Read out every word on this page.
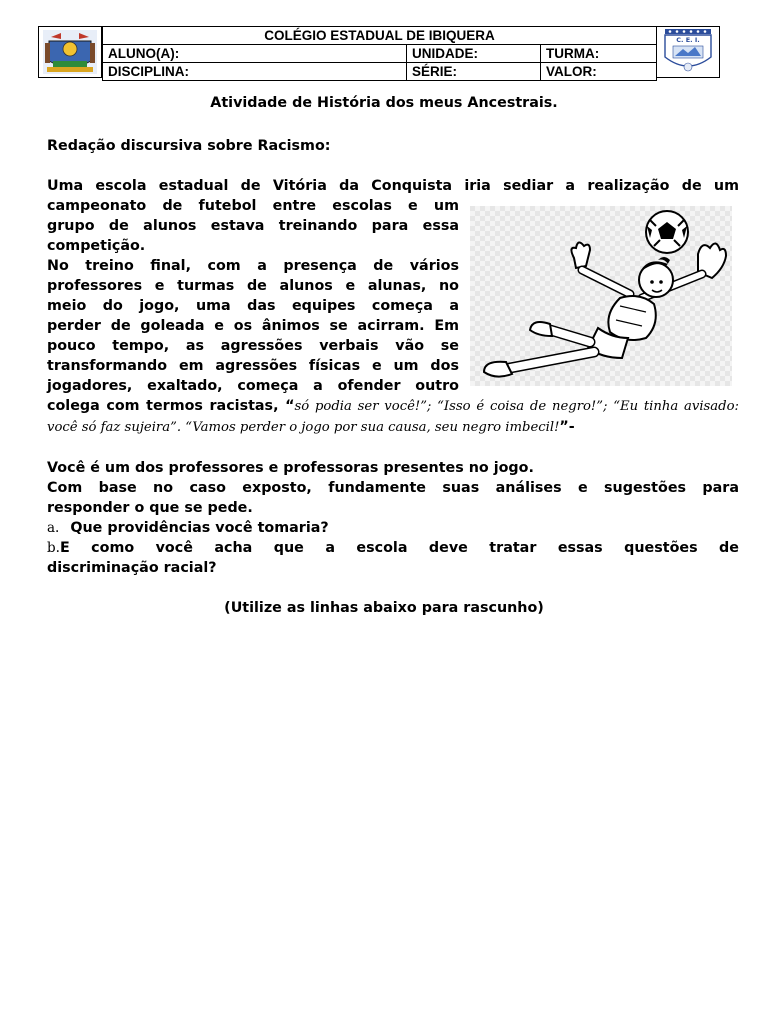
COLÉGIO ESTADUAL DE IBIQUERA		
ALUNO(A):	UNIDADE:	TURMA:
DISCIPLINA:	SÉRIE:	VALOR:
C. E. I.

Atividade de História dos meus Ancestrais.

Redação discursiva sobre Racismo:

Uma escola estadual de Vitória da Conquista iria sediar a realização de um

campeonato de futebol entre escolas e um
grupo de alunos estava treinando para essa
competição.
No treino final, com a presença de vários
professores e turmas de alunos e alunas, no
meio do jogo, uma das equipes começa a
perder de goleada e os ânimos se acirram. Em
pouco tempo, as agressões verbais vão se
transformando em agressões físicas e um dos
jogadores, exaltado, começa a ofender outro
colega com termos racistas, “só podia ser você!”; “Isso é coisa de negro!”; “Eu tinha avisado:
você só faz sujeira”. “Vamos perder o jogo por sua causa, seu negro imbecil!”-
Você é um dos professores e professoras presentes no jogo.
Com base no caso exposto, fundamente suas análises e sugestões para
responder o que se pede.
a. Que providências você tomaria?
b.E como você acha que a escola deve tratar essas questões de
discriminação racial?

(Utilize as linhas abaixo para rascunho)
